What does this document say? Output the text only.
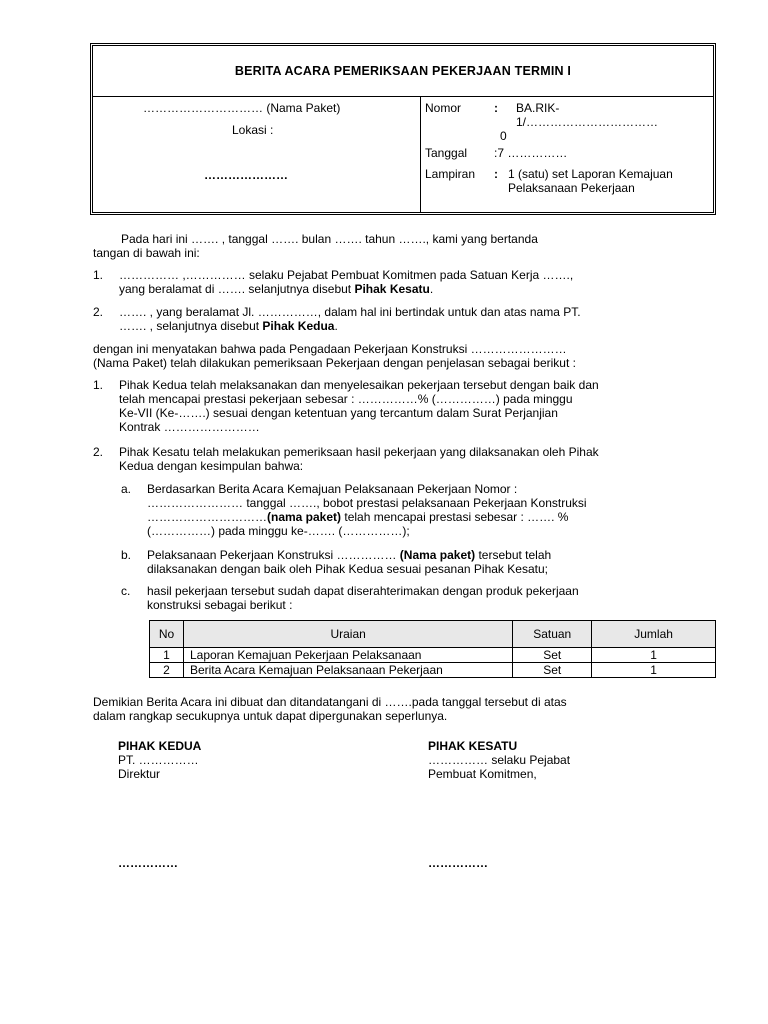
BERITA ACARA PEMERIKSAAN PEKERJAAN TERMIN I
………………………… (Nama Paket)
Lokasi :
…………………
Nomor	: BA.RIK-
1/……………………………
0
Tanggal :7 ……………
Lampiran : 1 (satu) set Laporan Kemajuan
Pelaksanaan Pekerjaan
Pada hari ini ……. , tanggal ……. bulan ……. tahun ……., kami yang bertanda
tangan di bawah ini:
1. …………… ,…………… selaku Pejabat Pembuat Komitmen pada Satuan Kerja …….,
yang beralamat di ……. selanjutnya disebut Pihak Kesatu.
2. ……. , yang beralamat Jl. ……………, dalam hal ini bertindak untuk dan atas nama PT.
……. , selanjutnya disebut Pihak Kedua.
dengan ini menyatakan bahwa pada Pengadaan Pekerjaan Konstruksi ……………………
(Nama Paket) telah dilakukan pemeriksaan Pekerjaan dengan penjelasan sebagai berikut :
1. Pihak Kedua telah melaksanakan dan menyelesaikan pekerjaan tersebut dengan baik dan
telah mencapai prestasi pekerjaan sebesar : ……………% (……………) pada minggu
Ke-VII (Ke-…….) sesuai dengan ketentuan yang tercantum dalam Surat Perjanjian
Kontrak ……………………
2. Pihak Kesatu telah melakukan pemeriksaan hasil pekerjaan yang dilaksanakan oleh Pihak
Kedua dengan kesimpulan bahwa:
a. Berdasarkan Berita Acara Kemajuan Pelaksanaan Pekerjaan Nomor :
…………………… tanggal ……., bobot prestasi pelaksanaan Pekerjaan Konstruksi
…………………………(nama paket) telah mencapai prestasi sebesar : ……. %
(……………) pada minggu ke-……. (……………);
b. Pelaksanaan Pekerjaan Konstruksi …………… (Nama paket) tersebut telah
dilaksanakan dengan baik oleh Pihak Kedua sesuai pesanan Pihak Kesatu;
c. hasil pekerjaan tersebut sudah dapat diserahterimakan dengan produk pekerjaan
konstruksi sebagai berikut :
No	Uraian	Satuan	Jumlah
1	Laporan Kemajuan Pekerjaan Pelaksanaan	Set	1
2	Berita Acara Kemajuan Pelaksanaan Pekerjaan	Set	1
Demikian Berita Acara ini dibuat dan ditandatangani di …….pada tanggal tersebut di atas
dalam rangkap secukupnya untuk dapat dipergunakan seperlunya.
PIHAK KEDUA
PT. ……………
Direktur
……………
PIHAK KESATU
…………… selaku Pejabat
Pembuat Komitmen,
……………
